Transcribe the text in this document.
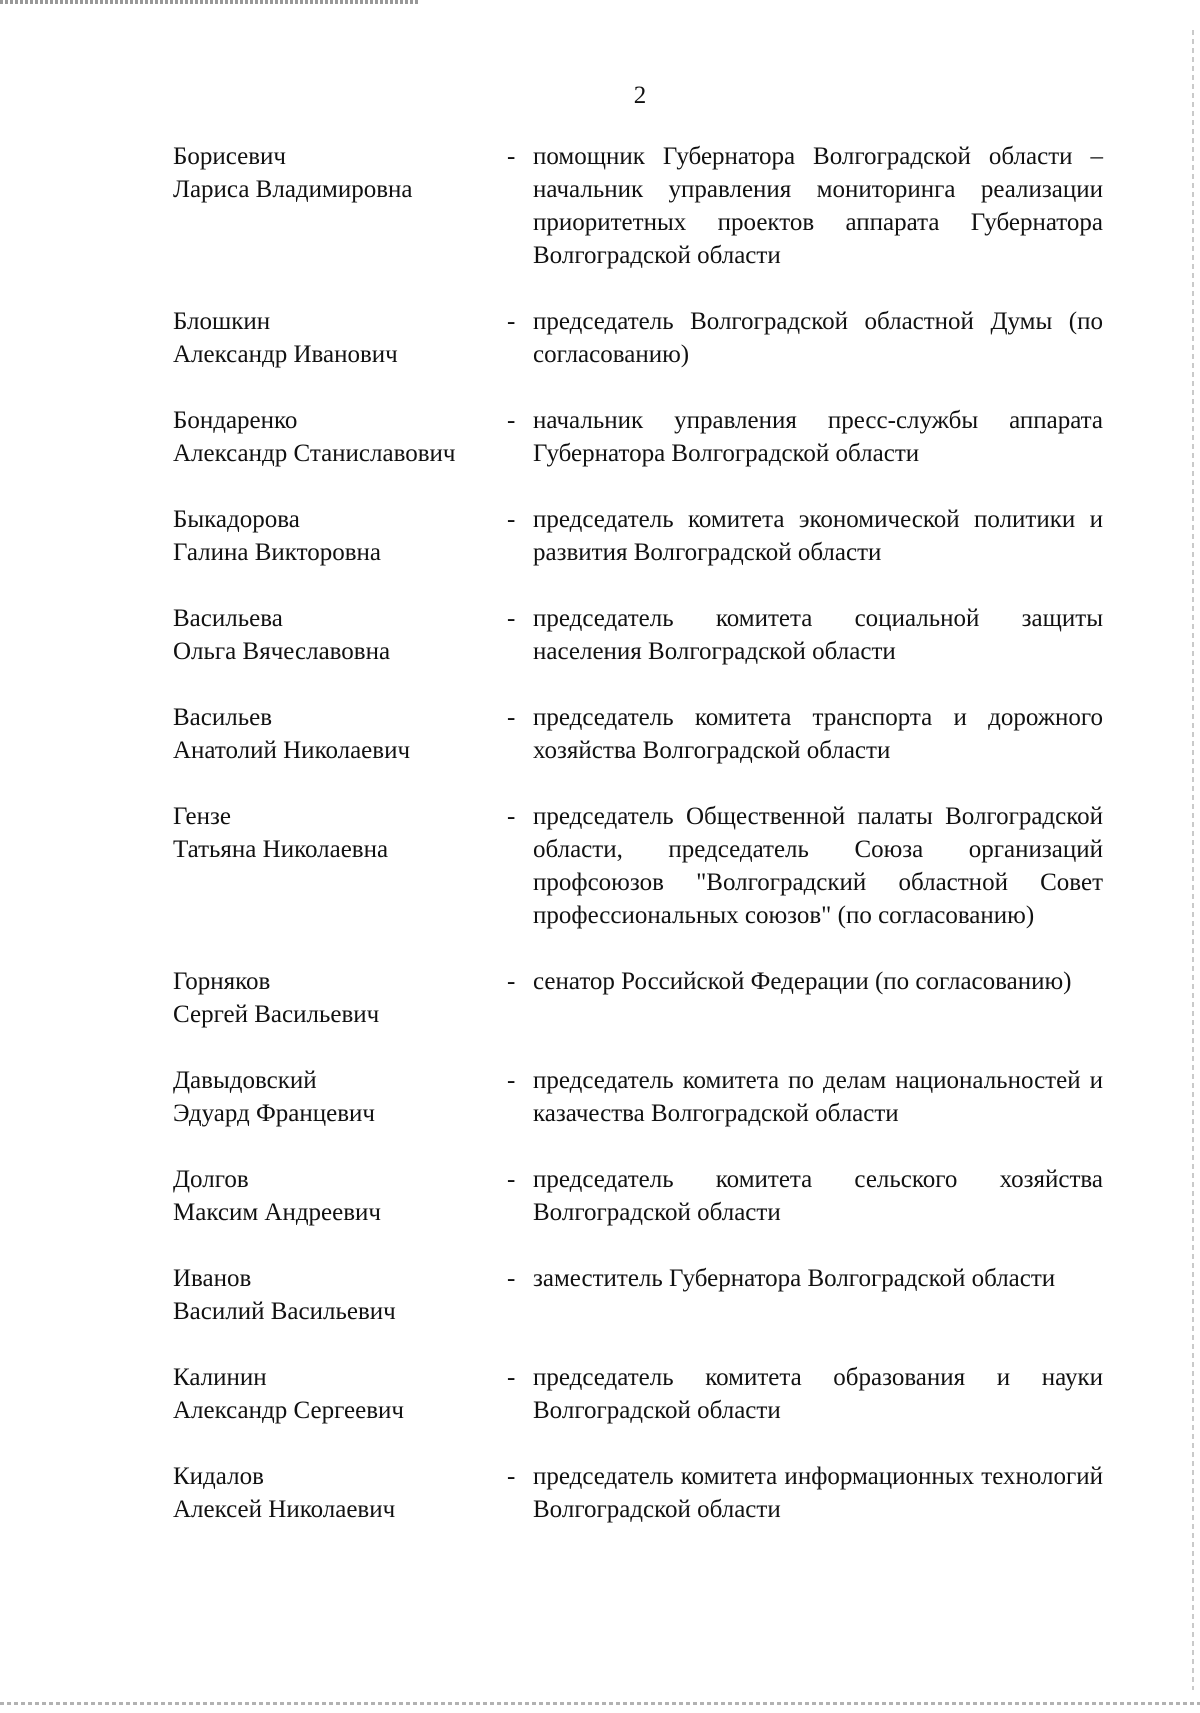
2
Борисевич
Лариса Владимировна
- помощник Губернатора Волгоградской области – начальник управления мониторинга реализации приоритетных проектов аппарата Губернатора Волгоградской области
Блошкин
Александр Иванович
- председатель Волгоградской областной Думы (по согласованию)
Бондаренко
Александр Станиславович
- начальник управления пресс-службы аппарата Губернатора Волгоградской области
Быкадорова
Галина Викторовна
- председатель комитета экономической политики и развития Волгоградской области
Васильева
Ольга Вячеславовна
- председатель комитета социальной защиты населения Волгоградской области
Васильев
Анатолий Николаевич
- председатель комитета транспорта и дорожного хозяйства Волгоградской области
Гензе
Татьяна Николаевна
- председатель Общественной палаты Волгоградской области, председатель Союза организаций профсоюзов "Волгоградский областной Совет профессиональных союзов" (по согласованию)
Горняков
Сергей Васильевич
- сенатор Российской Федерации (по согласованию)
Давыдовский
Эдуард Францевич
- председатель комитета по делам национальностей и казачества Волгоградской области
Долгов
Максим Андреевич
- председатель комитета сельского хозяйства Волгоградской области
Иванов
Василий Васильевич
- заместитель Губернатора Волгоградской области
Калинин
Александр Сергеевич
- председатель комитета образования и науки Волгоградской области
Кидалов
Алексей Николаевич
- председатель комитета информационных технологий Волгоградской области
